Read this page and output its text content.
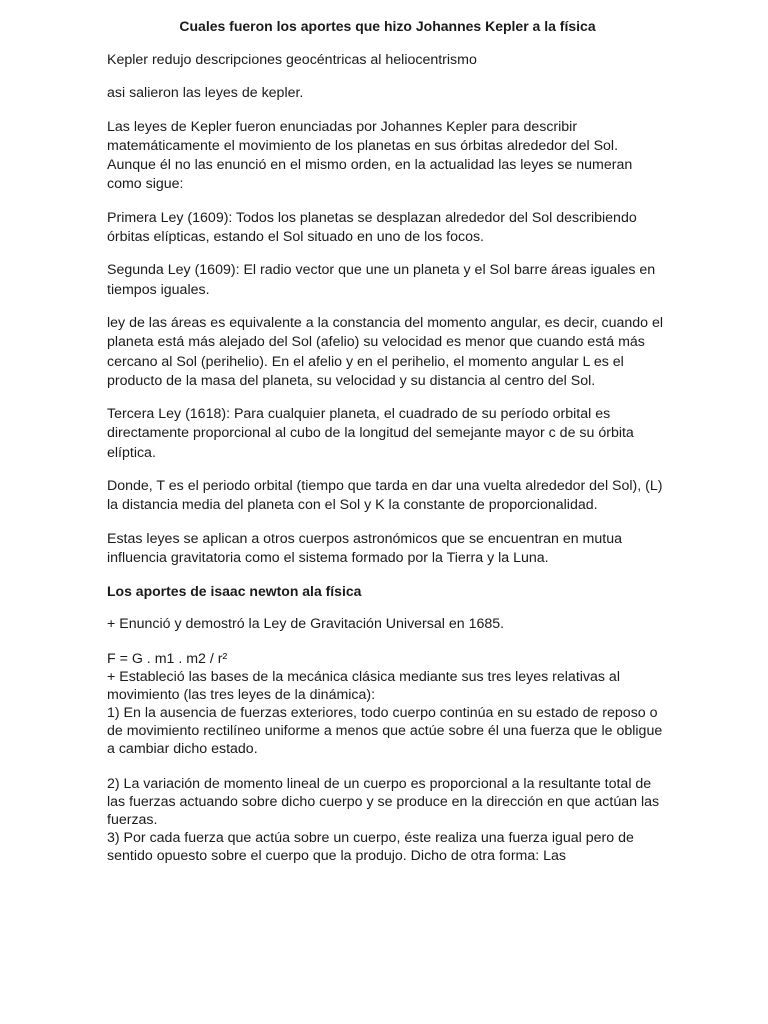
Cuales fueron los aportes que hizo Johannes Kepler a la física

Kepler redujo descripciones geocéntricas al heliocentrismo

asi salieron las leyes de kepler.

Las leyes de Kepler fueron enunciadas por Johannes Kepler para describir matemáticamente el movimiento de los planetas en sus órbitas alrededor del Sol. Aunque él no las enunció en el mismo orden, en la actualidad las leyes se numeran como sigue:

Primera Ley (1609): Todos los planetas se desplazan alrededor del Sol describiendo órbitas elípticas, estando el Sol situado en uno de los focos.

Segunda Ley (1609): El radio vector que une un planeta y el Sol barre áreas iguales en tiempos iguales.

ley de las áreas es equivalente a la constancia del momento angular, es decir, cuando el planeta está más alejado del Sol (afelio) su velocidad es menor que cuando está más cercano al Sol (perihelio). En el afelio y en el perihelio, el momento angular L es el producto de la masa del planeta, su velocidad y su distancia al centro del Sol.

Tercera Ley (1618): Para cualquier planeta, el cuadrado de su período orbital es directamente proporcional al cubo de la longitud del semejante mayor c de su órbita elíptica.

Donde, T es el periodo orbital (tiempo que tarda en dar una vuelta alrededor del Sol), (L) la distancia media del planeta con el Sol y K la constante de proporcionalidad.

Estas leyes se aplican a otros cuerpos astronómicos que se encuentran en mutua influencia gravitatoria como el sistema formado por la Tierra y la Luna.

Los aportes de isaac newton ala física

+ Enunció y demostró la Ley de Gravitación Universal en 1685.

F = G . m1 . m2 / r²

+ Estableció las bases de la mecánica clásica mediante sus tres leyes relativas al movimiento (las tres leyes de la dinámica):

1) En la ausencia de fuerzas exteriores, todo cuerpo continúa en su estado de reposo o de movimiento rectilíneo uniforme a menos que actúe sobre él una fuerza que le obligue a cambiar dicho estado.

2) La variación de momento lineal de un cuerpo es proporcional a la resultante total de las fuerzas actuando sobre dicho cuerpo y se produce en la dirección en que actúan las fuerzas.

3) Por cada fuerza que actúa sobre un cuerpo, éste realiza una fuerza igual pero de sentido opuesto sobre el cuerpo que la produjo. Dicho de otra forma: Las
